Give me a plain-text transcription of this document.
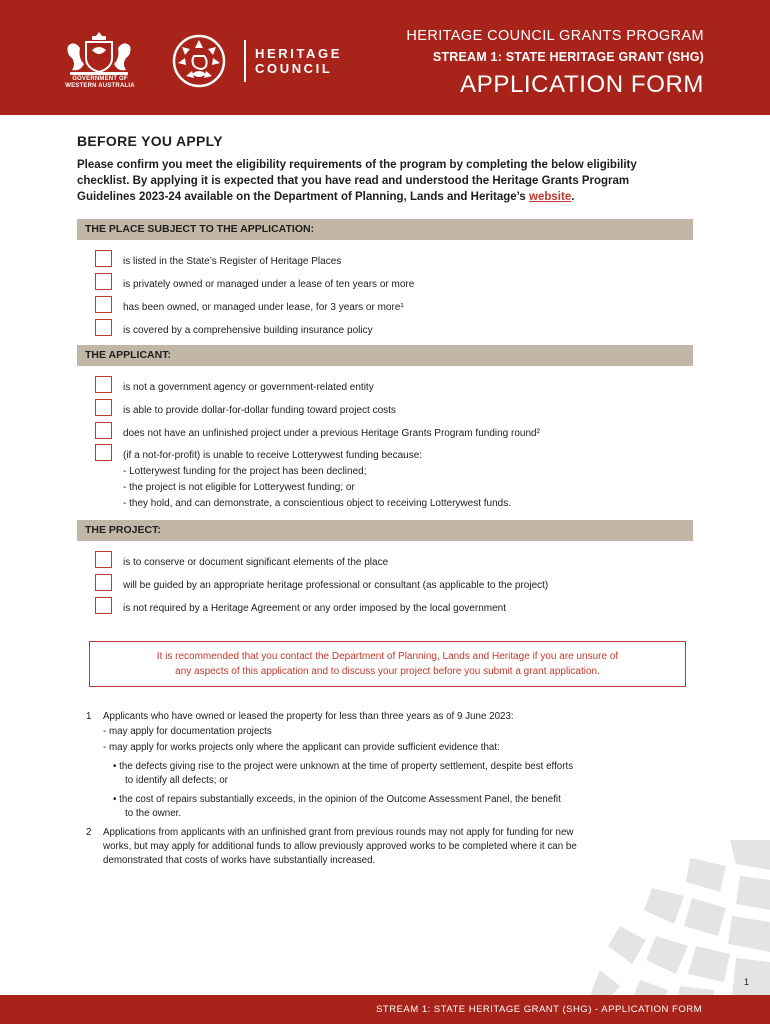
GOVERNMENT OF WESTERN AUSTRALIA
HERITAGE
COUNCIL
HERITAGE COUNCIL GRANTS PROGRAM
STREAM 1: STATE HERITAGE GRANT (SHG)
APPLICATION FORM
BEFORE YOU APPLY
Please confirm you meet the eligibility requirements of the program by completing the below eligibility checklist. By applying it is expected that you have read and understood the Heritage Grants Program Guidelines 2023-24 available on the Department of Planning, Lands and Heritage’s website.
THE PLACE SUBJECT TO THE APPLICATION:
is listed in the State’s Register of Heritage Places
is privately owned or managed under a lease of ten years or more
has been owned, or managed under lease, for 3 years or more¹
is covered by a comprehensive building insurance policy
THE APPLICANT:
is not a government agency or government-related entity
is able to provide dollar-for-dollar funding toward project costs
does not have an unfinished project under a previous Heritage Grants Program funding round²
(if a not-for-profit) is unable to receive Lotterywest funding because:
- Lotterywest funding for the project has been declined;
- the project is not eligible for Lotterywest funding; or
- they hold, and can demonstrate, a conscientious object to receiving Lotterywest funds.
THE PROJECT:
is to conserve or document significant elements of the place
will be guided by an appropriate heritage professional or consultant (as applicable to the project)
is not required by a Heritage Agreement or any order imposed by the local government
It is recommended that you contact the Department of Planning, Lands and Heritage if you are unsure of
any aspects of this application and to discuss your project before you submit a grant application.
1 Applicants who have owned or leased the property for less than three years as of 9 June 2023:
- may apply for documentation projects
- may apply for works projects only where the applicant can provide sufficient evidence that:
• the defects giving rise to the project were unknown at the time of property settlement, despite best efforts
to identify all defects; or
• the cost of repairs substantially exceeds, in the opinion of the Outcome Assessment Panel, the benefit
to the owner.
2 Applications from applicants with an unfinished grant from previous rounds may not apply for funding for new
works, but may apply for additional funds to allow previously approved works to be completed where it can be
demonstrated that costs of works have substantially increased.
1
STREAM 1: STATE HERITAGE GRANT (SHG) - APPLICATION FORM
